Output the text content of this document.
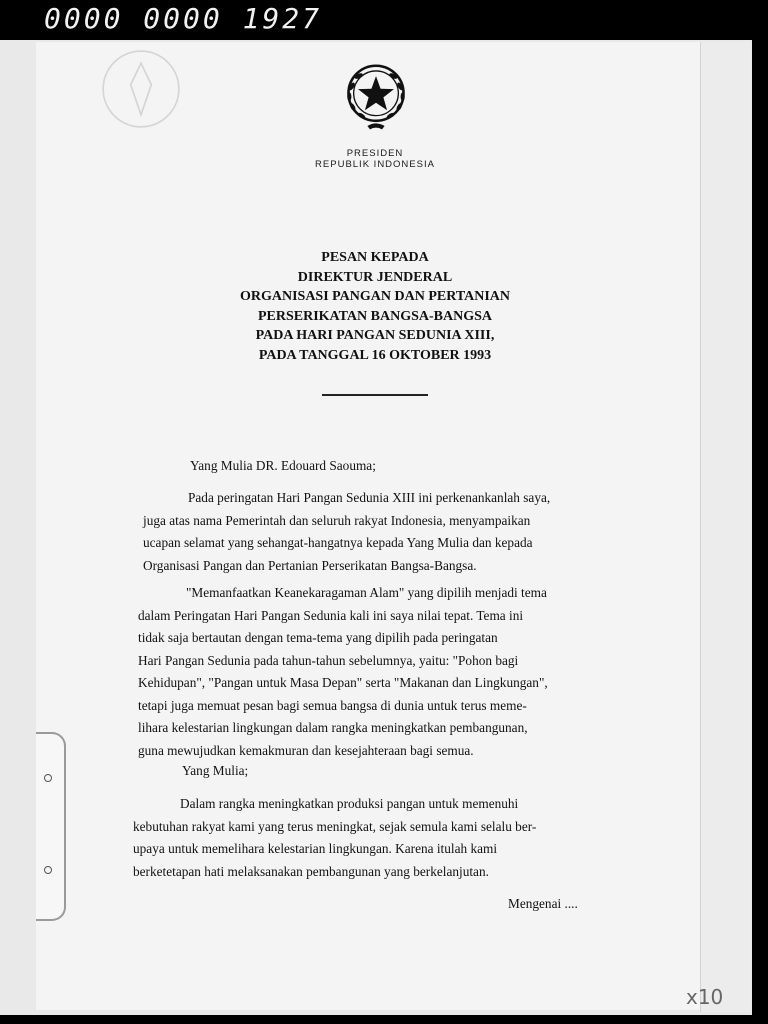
0000 0000 1927
PRESIDEN
REPUBLIK INDONESIA
PESAN KEPADA
DIREKTUR JENDERAL
ORGANISASI PANGAN DAN PERTANIAN
PERSERIKATAN BANGSA-BANGSA
PADA HARI PANGAN SEDUNIA XIII,
PADA TANGGAL 16 OKTOBER 1993

Yang Mulia DR. Edouard Saouma;

Pada peringatan Hari Pangan Sedunia XIII ini perkenankanlah saya,
juga atas nama Pemerintah dan seluruh rakyat Indonesia, menyampaikan
ucapan selamat yang sehangat-hangatnya kepada Yang Mulia dan kepada
Organisasi Pangan dan Pertanian Perserikatan Bangsa-Bangsa.

"Memanfaatkan Keanekaragaman Alam" yang dipilih menjadi tema
dalam Peringatan Hari Pangan Sedunia kali ini saya nilai tepat. Tema ini
tidak saja bertautan dengan tema-tema yang dipilih pada peringatan
Hari Pangan Sedunia pada tahun-tahun sebelumnya, yaitu: "Pohon bagi
Kehidupan", "Pangan untuk Masa Depan" serta "Makanan dan Lingkungan",
tetapi juga memuat pesan bagi semua bangsa di dunia untuk terus meme-
lihara kelestarian lingkungan dalam rangka meningkatkan pembangunan,
guna mewujudkan kemakmuran dan kesejahteraan bagi semua.

Yang Mulia;

Dalam rangka meningkatkan produksi pangan untuk memenuhi
kebutuhan rakyat kami yang terus meningkat, sejak semula kami selalu ber-
upaya untuk memelihara kelestarian lingkungan. Karena itulah kami
berketetapan hati melaksanakan pembangunan yang berkelanjutan.

Mengenai ....
x10
